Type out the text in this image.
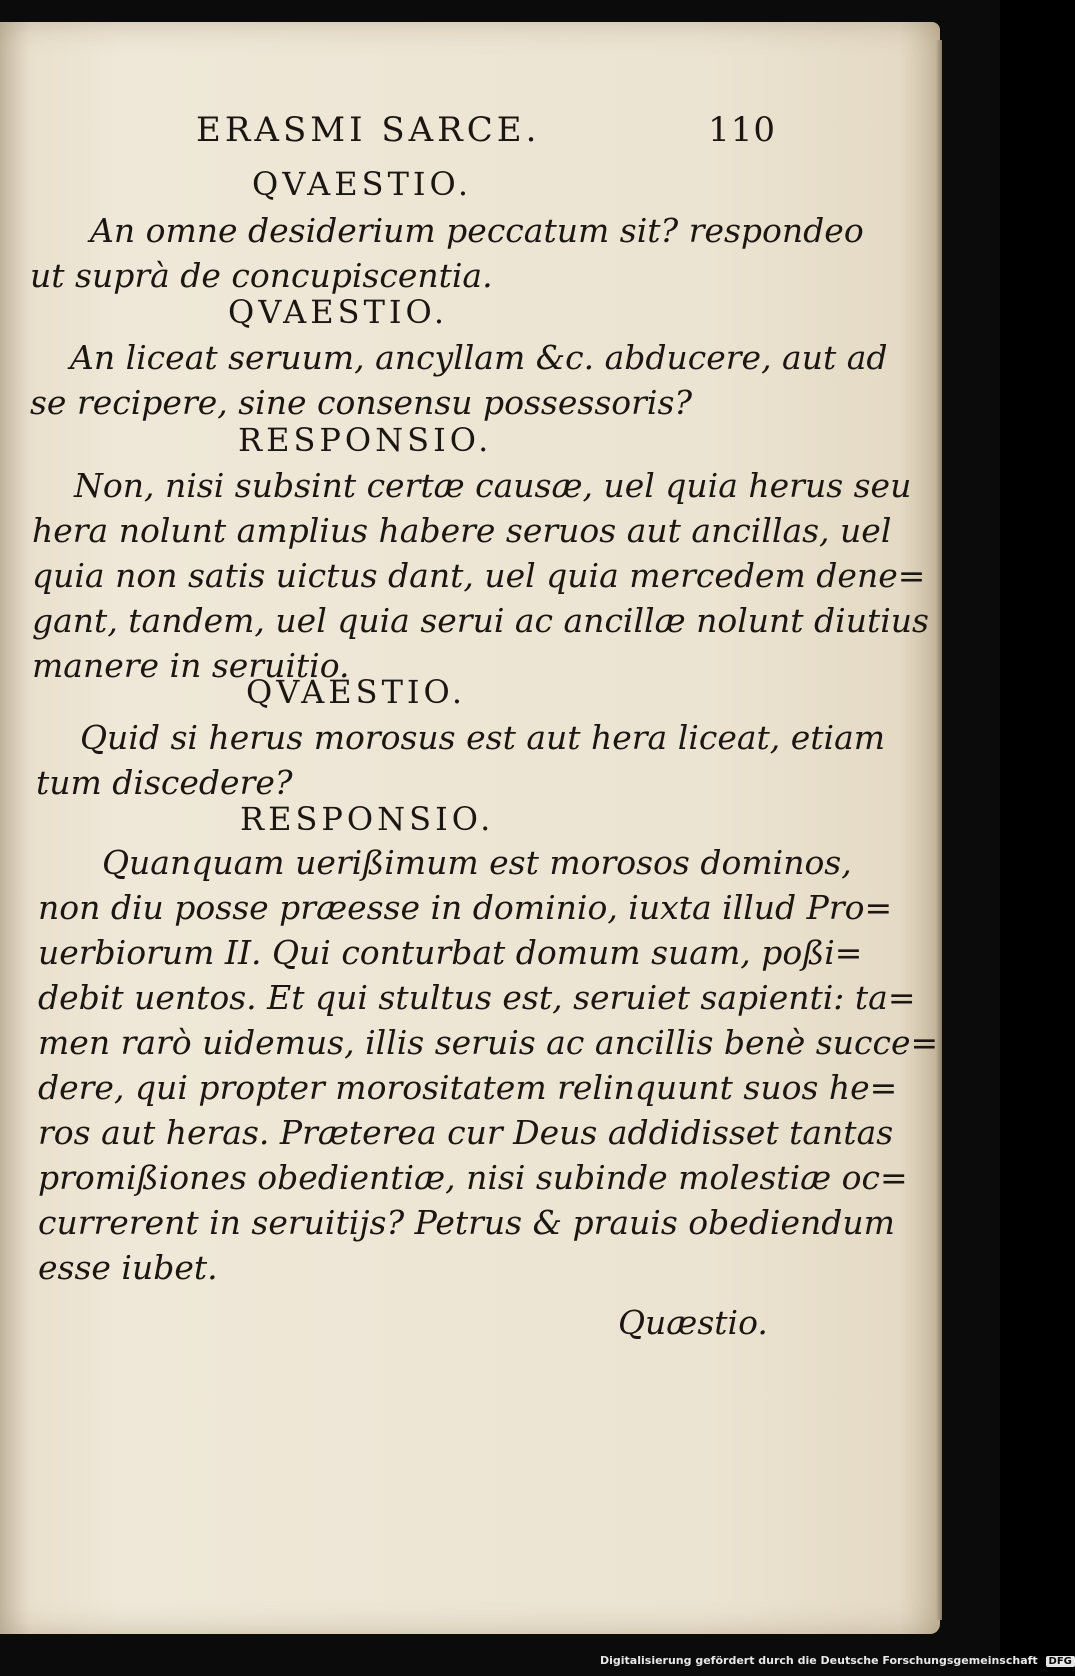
ERASMI SARCE.	110
QVAESTIO.
An omne desiderium peccatum sit? respondeo
ut suprà de concupiscentia.
QVAESTIO.
An liceat seruum, ancyllam &c. abducere, aut ad
se recipere, sine consensu possessoris?
RESPONSIO.
Non, nisi subsint certæ causæ, uel quia herus seu
hera nolunt amplius habere seruos aut ancillas, uel
quia non satis uictus dant, uel quia mercedem dene=
gant, tandem, uel quia serui ac ancillæ nolunt diutius
manere in seruitio.
QVAESTIO.
Quid si herus morosus est aut hera liceat, etiam
tum discedere?
RESPONSIO.
Quanquam uerißimum est morosos dominos,
non diu posse præesse in dominio, iuxta illud Pro=
uerbiorum II. Qui conturbat domum suam, poßi=
debit uentos. Et qui stultus est, seruiet sapienti: ta=
men rarò uidemus, illis seruis ac ancillis benè succe=
dere, qui propter morositatem relinquunt suos he=
ros aut heras. Præterea cur Deus addidisset tantas
promißiones obedientiæ, nisi subinde molestiæ oc=
currerent in seruitijs? Petrus & prauis obediendum
esse iubet.
Quæstio.
Digitalisierung gefördert durch die Deutsche Forschungsgemeinschaft DFG
